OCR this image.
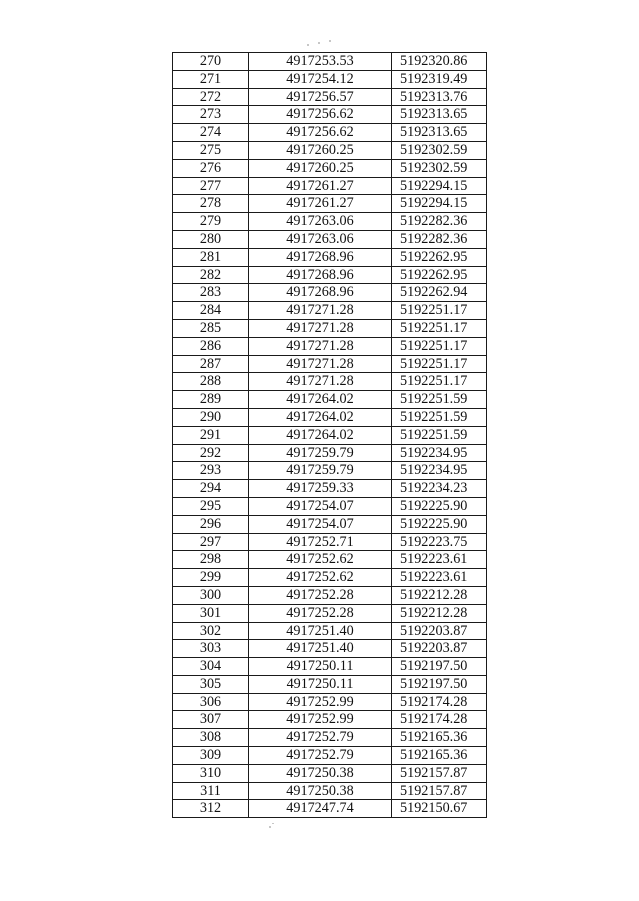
270	4917253.53	5192320.86
271	4917254.12	5192319.49
272	4917256.57	5192313.76
273	4917256.62	5192313.65
274	4917256.62	5192313.65
275	4917260.25	5192302.59
276	4917260.25	5192302.59
277	4917261.27	5192294.15
278	4917261.27	5192294.15
279	4917263.06	5192282.36
280	4917263.06	5192282.36
281	4917268.96	5192262.95
282	4917268.96	5192262.95
283	4917268.96	5192262.94
284	4917271.28	5192251.17
285	4917271.28	5192251.17
286	4917271.28	5192251.17
287	4917271.28	5192251.17
288	4917271.28	5192251.17
289	4917264.02	5192251.59
290	4917264.02	5192251.59
291	4917264.02	5192251.59
292	4917259.79	5192234.95
293	4917259.79	5192234.95
294	4917259.33	5192234.23
295	4917254.07	5192225.90
296	4917254.07	5192225.90
297	4917252.71	5192223.75
298	4917252.62	5192223.61
299	4917252.62	5192223.61
300	4917252.28	5192212.28
301	4917252.28	5192212.28
302	4917251.40	5192203.87
303	4917251.40	5192203.87
304	4917250.11	5192197.50
305	4917250.11	5192197.50
306	4917252.99	5192174.28
307	4917252.99	5192174.28
308	4917252.79	5192165.36
309	4917252.79	5192165.36
310	4917250.38	5192157.87
311	4917250.38	5192157.87
312	4917247.74	5192150.67
